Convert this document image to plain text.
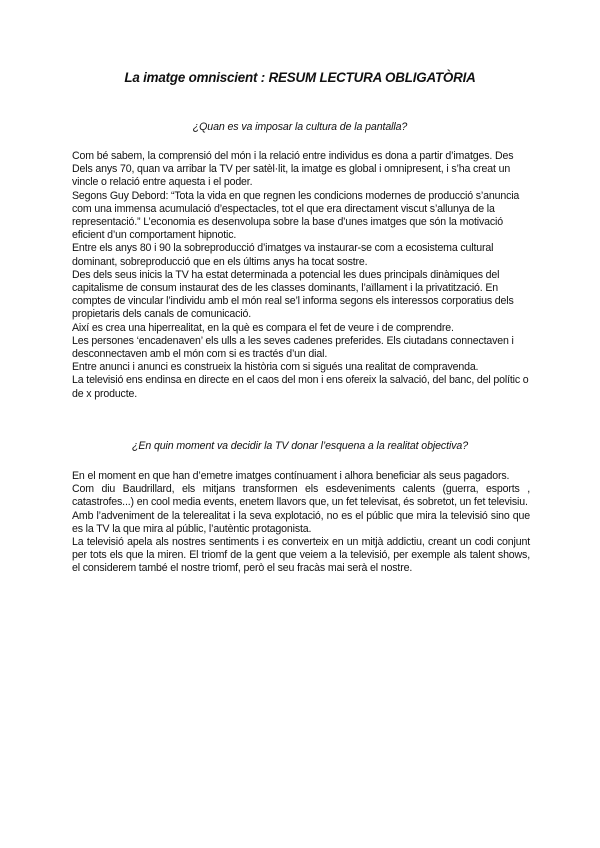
La imatge omniscient : RESUM LECTURA OBLIGATÒRIA
¿Quan es va imposar la cultura de la pantalla?

Com bé sabem, la comprensió del món i la relació entre individus es dona a partir d’imatges. Des Dels anys 70, quan va arribar la TV per satèl·lit, la imatge es global i omnipresent, i s’ha creat un vincle o relació entre aquesta i el poder.

Segons Guy Debord: “Tota la vida en que regnen les condicions modernes de producció s’anuncia com una immensa acumulació d’espectacles, tot el que era directament viscut s’allunya de la representació.” L’economia es desenvolupa sobre la base d’unes imatges que són la motivació eficient d’un comportament hipnotic.

Entre els anys 80 i 90 la sobreproducció d’imatges va instaurar-se com a ecosistema cultural dominant, sobreproducció que en els últims anys ha tocat sostre.

Des dels seus inicis la TV ha estat determinada a potencial les dues principals dinàmiques del capitalisme de consum instaurat des de les classes dominants, l’aïllament i la privatització. En comptes de vincular l’individu amb el món real se’l informa segons els interessos corporatius dels propietaris dels canals de comunicació.

Així es crea una hiperrealitat, en la què es compara el fet de veure i de comprendre.

Les persones ‘encadenaven’ els ulls a les seves cadenes preferides. Els ciutadans connectaven i desconnectaven amb el món com si es tractés d’un dial.

Entre anunci i anunci es construeix la història com si sigués una realitat de compravenda.

La televisió ens endinsa en directe en el caos del mon i ens ofereix la salvació, del banc, del polític o de x producte.

¿En quin moment va decidir la TV donar l’esquena a la realitat objectiva?

En el moment en que han d’emetre imatges contínuament i alhora beneficiar als seus pagadors.

Com diu Baudrillard, els mitjans transformen els esdeveniments calents (guerra, esports , catastrofes...) en cool media events, enetem llavors que, un fet televisat, és sobretot, un fet televisiu.

Amb l’adveniment de la telerealitat i la seva explotació, no es el públic que mira la televisió sino que es la TV la que mira al públic, l’autèntic protagonista.

La televisió apela als nostres sentiments i es converteix en un mitjà addictiu, creant un codi conjunt per tots els que la miren. El triomf de la gent que veiem a la televisió, per exemple als talent shows, el considerem també el nostre triomf, però el seu fracàs mai serà el nostre.
